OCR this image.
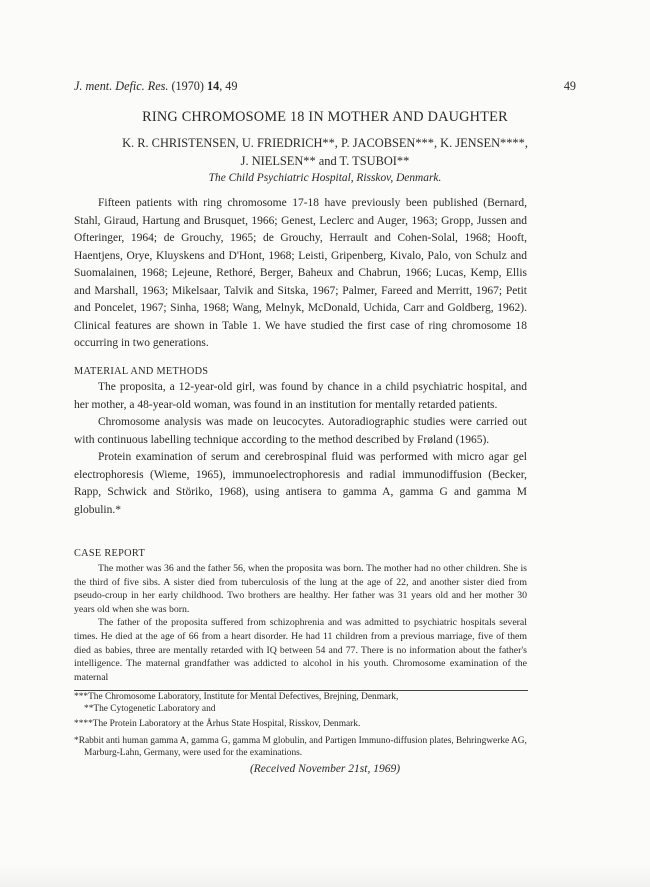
J. ment. Defic. Res. (1970) 14, 49	49
RING CHROMOSOME 18 IN MOTHER AND DAUGHTER
K. R. CHRISTENSEN, U. FRIEDRICH**, P. JACOBSEN***, K. JENSEN****,
J. NIELSEN** and T. TSUBOI**
The Child Psychiatric Hospital, Risskov, Denmark.

Fifteen patients with ring chromosome 17-18 have previously been published (Bernard, Stahl, Giraud, Hartung and Brusquet, 1966; Genest, Leclerc and Auger, 1963; Gropp, Jussen and Ofteringer, 1964; de Grouchy, 1965; de Grouchy, Herrault and Cohen-Solal, 1968; Hooft, Haentjens, Orye, Kluyskens and D'Hont, 1968; Leisti, Gripenberg, Kivalo, Palo, von Schulz and Suomalainen, 1968; Lejeune, Rethoré, Berger, Baheux and Chabrun, 1966; Lucas, Kemp, Ellis and Marshall, 1963; Mikelsaar, Talvik and Sitska, 1967; Palmer, Fareed and Merritt, 1967; Petit and Poncelet, 1967; Sinha, 1968; Wang, Melnyk, McDonald, Uchida, Carr and Goldberg, 1962). Clinical features are shown in Table 1. We have studied the first case of ring chromosome 18 occurring in two generations.

MATERIAL AND METHODS

The proposita, a 12-year-old girl, was found by chance in a child psychiatric hospital, and her mother, a 48-year-old woman, was found in an institution for mentally retarded patients.

Chromosome analysis was made on leucocytes. Autoradiographic studies were carried out with continuous labelling technique according to the method described by Frøland (1965).

Protein examination of serum and cerebrospinal fluid was performed with micro agar gel electrophoresis (Wieme, 1965), immunoelectrophoresis and radial immunodiffusion (Becker, Rapp, Schwick and Störiko, 1968), using antisera to gamma A, gamma G and gamma M globulin.*

CASE REPORT

The mother was 36 and the father 56, when the proposita was born. The mother had no other children. She is the third of five sibs. A sister died from tuberculosis of the lung at the age of 22, and another sister died from pseudo-croup in her early childhood. Two brothers are healthy. Her father was 31 years old and her mother 30 years old when she was born.

The father of the proposita suffered from schizophrenia and was admitted to psychiatric hospitals several times. He died at the age of 66 from a heart disorder. He had 11 children from a previous marriage, five of them died as babies, three are mentally retarded with IQ between 54 and 77. There is no information about the father's intelligence. The maternal grandfather was addicted to alcohol in his youth. Chromosome examination of the maternal

***The Chromosome Laboratory, Institute for Mental Defectives, Brejning, Denmark,

**The Cytogenetic Laboratory and

****The Protein Laboratory at the Århus State Hospital, Risskov, Denmark.

*Rabbit anti human gamma A, gamma G, gamma M globulin, and Partigen Immuno-diffusion plates, Behringwerke AG, Marburg-Lahn, Germany, were used for the examinations.

(Received November 21st, 1969)
